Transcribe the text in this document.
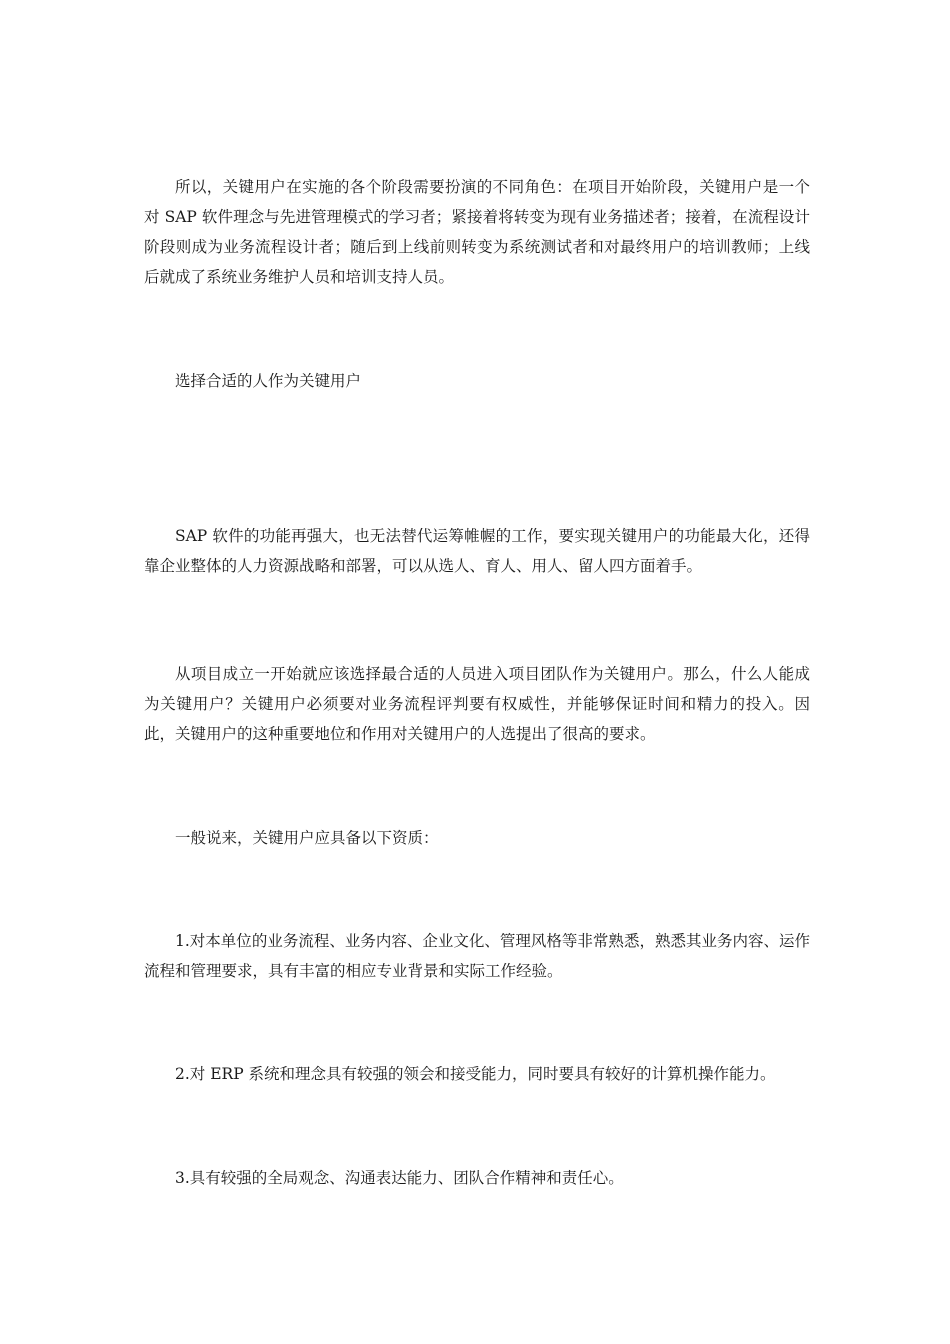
所以，关键用户在实施的各个阶段需要扮演的不同角色：在项目开始阶段，关键用户是一个对 SAP 软件理念与先进管理模式的学习者；紧接着将转变为现有业务描述者；接着，在流程设计阶段则成为业务流程设计者；随后到上线前则转变为系统测试者和对最终用户的培训教师；上线后就成了系统业务维护人员和培训支持人员。

选择合适的人作为关键用户

SAP 软件的功能再强大，也无法替代运筹帷幄的工作，要实现关键用户的功能最大化，还得靠企业整体的人力资源战略和部署，可以从选人、育人、用人、留人四方面着手。

从项目成立一开始就应该选择最合适的人员进入项目团队作为关键用户。那么，什么人能成为关键用户？关键用户必须要对业务流程评判要有权威性，并能够保证时间和精力的投入。因此，关键用户的这种重要地位和作用对关键用户的人选提出了很高的要求。

一般说来，关键用户应具备以下资质：

1.对本单位的业务流程、业务内容、企业文化、管理风格等非常熟悉，熟悉其业务内容、运作流程和管理要求，具有丰富的相应专业背景和实际工作经验。

2.对 ERP 系统和理念具有较强的领会和接受能力，同时要具有较好的计算机操作能力。

3.具有较强的全局观念、沟通表达能力、团队合作精神和责任心。
